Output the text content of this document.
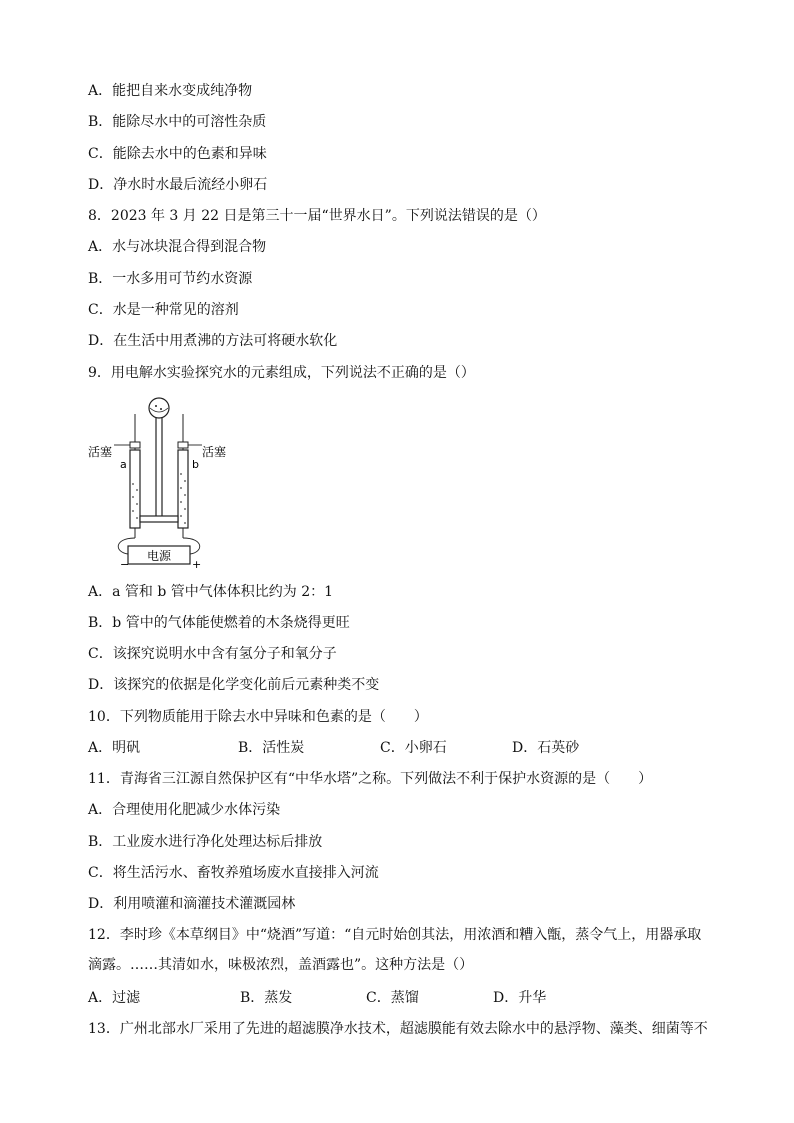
A．能把自来水变成纯净物
B．能除尽水中的可溶性杂质
C．能除去水中的色素和异味
D．净水时水最后流经小卵石
8．2023 年 3 月 22 日是第三十一届“世界水日”。下列说法错误的是（）
A．水与冰块混合得到混合物
B．一水多用可节约水资源
C．水是一种常见的溶剂
D．在生活中用煮沸的方法可将硬水软化
9．用电解水实验探究水的元素组成，下列说法不正确的是（）
电源
活塞	活塞
a	b
−	+
A．a 管和 b 管中气体体积比约为 2：1
B．b 管中的气体能使燃着的木条烧得更旺
C．该探究说明水中含有氢分子和氧分子
D．该探究的依据是化学变化前后元素种类不变
10．下列物质能用于除去水中异味和色素的是（　　）
A．明矾	B．活性炭	C．小卵石	D．石英砂
11．青海省三江源自然保护区有“中华水塔”之称。下列做法不利于保护水资源的是（　　）
A．合理使用化肥减少水体污染
B．工业废水进行净化处理达标后排放
C．将生活污水、畜牧养殖场废水直接排入河流
D．利用喷灌和滴灌技术灌溉园林
12．李时珍《本草纲目》中“烧酒”写道：“自元时始创其法，用浓酒和糟入甑，蒸令气上，用器承取滴露。……其清如水，味极浓烈，盖酒露也”。这种方法是（）
A．过滤	B．蒸发	C．蒸馏	D．升华
13．广州北部水厂采用了先进的超滤膜净水技术，超滤膜能有效去除水中的悬浮物、藻类、细菌等不
